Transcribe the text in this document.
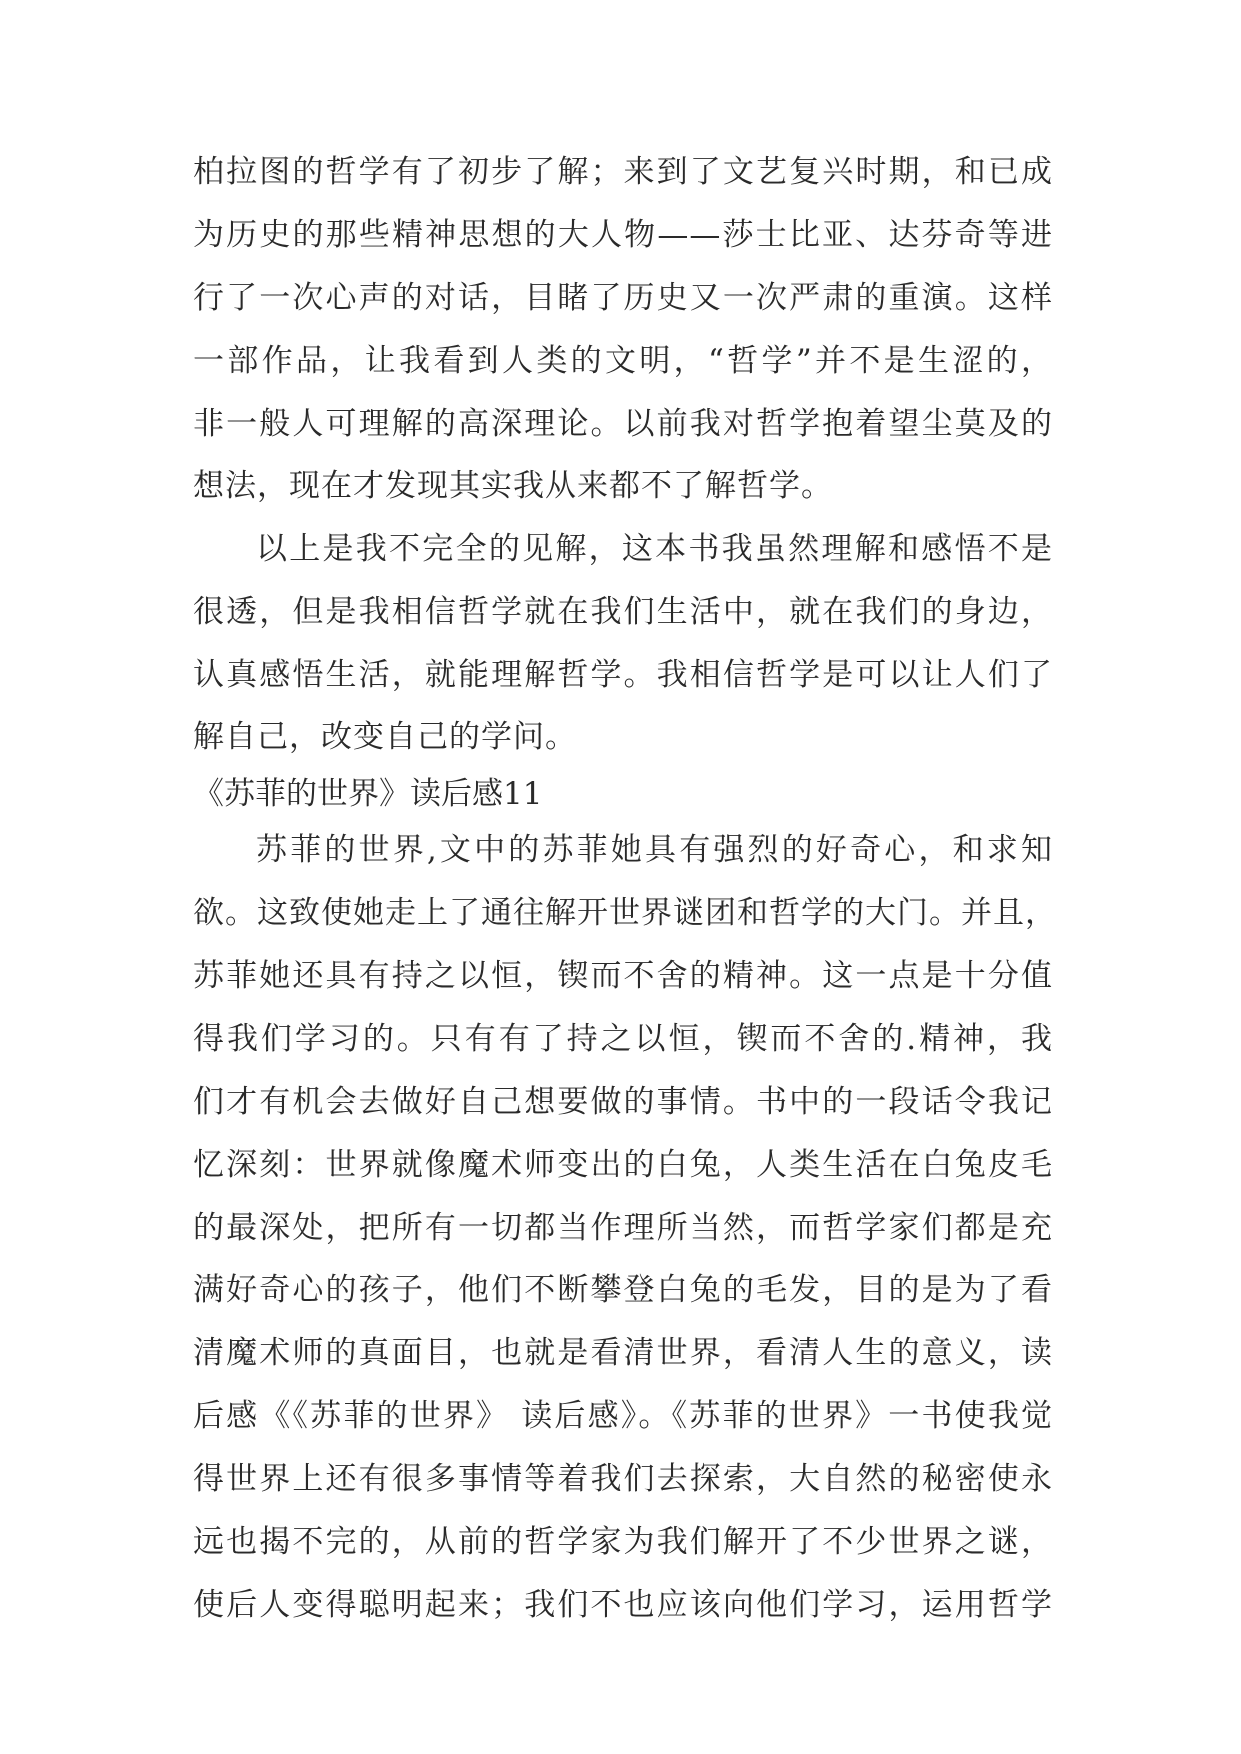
柏拉图的哲学有了初步了解；来到了文艺复兴时期，和已成
为历史的那些精神思想的大人物——莎士比亚、达芬奇等进
行了一次心声的对话，目睹了历史又一次严肃的重演。这样
一部作品，让我看到人类的文明，“哲学”并不是生涩的，
非一般人可理解的高深理论。以前我对哲学抱着望尘莫及的
想法，现在才发现其实我从来都不了解哲学。
以上是我不完全的见解，这本书我虽然理解和感悟不是
很透，但是我相信哲学就在我们生活中，就在我们的身边，
认真感悟生活，就能理解哲学。我相信哲学是可以让人们了
解自己，改变自己的学问。
《苏菲的世界》读后感11
苏菲的世界,文中的苏菲她具有强烈的好奇心，和求知
欲。这致使她走上了通往解开世界谜团和哲学的大门。并且，
苏菲她还具有持之以恒，锲而不舍的精神。这一点是十分值
得我们学习的。只有有了持之以恒，锲而不舍的.精神，我
们才有机会去做好自己想要做的事情。书中的一段话令我记
忆深刻：世界就像魔术师变出的白兔，人类生活在白兔皮毛
的最深处，把所有一切都当作理所当然，而哲学家们都是充
满好奇心的孩子，他们不断攀登白兔的毛发，目的是为了看
清魔术师的真面目，也就是看清世界，看清人生的意义，读
后感《《苏菲的世界》 读后感》。《苏菲的世界》一书使我觉
得世界上还有很多事情等着我们去探索，大自然的秘密使永
远也揭不完的，从前的哲学家为我们解开了不少世界之谜，
使后人变得聪明起来；我们不也应该向他们学习，运用哲学
